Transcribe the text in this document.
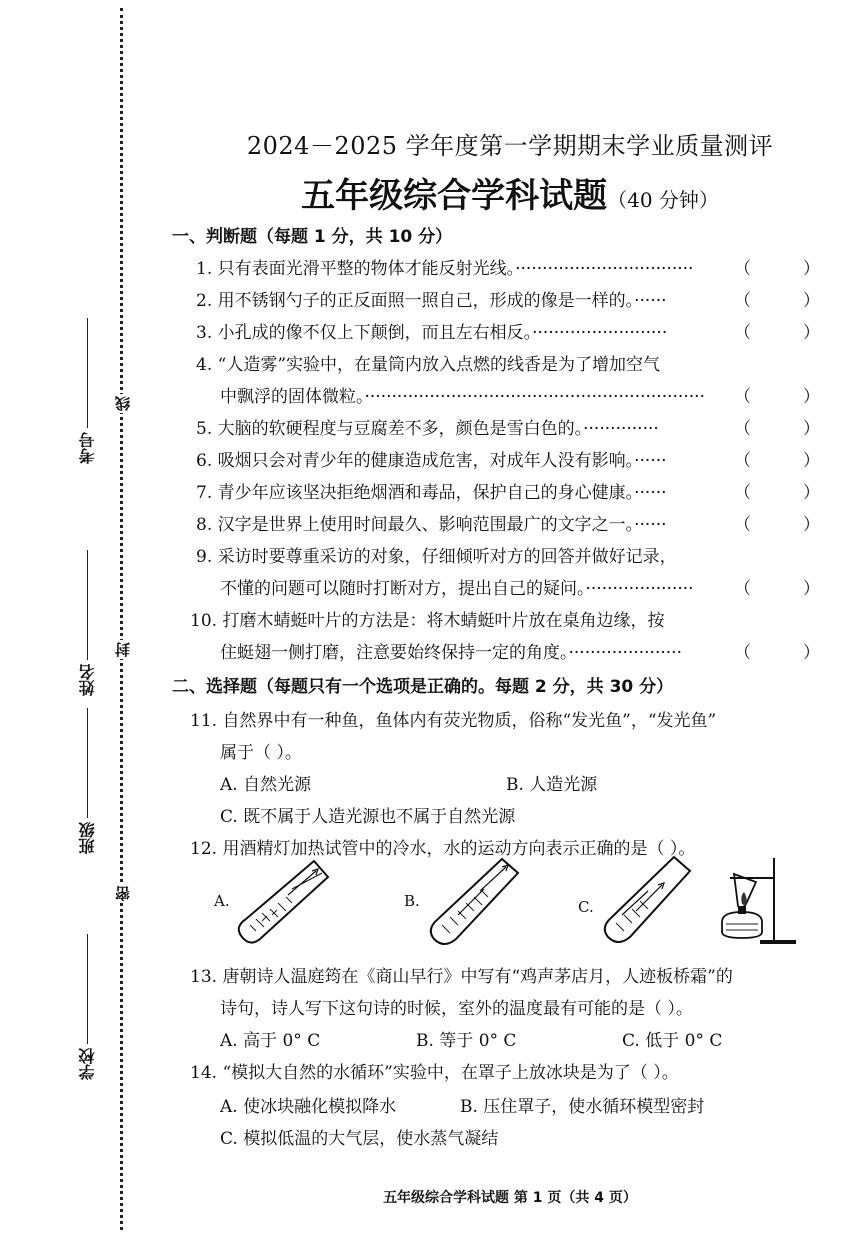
考号
姓名
班级
学校
线
封
密
2024－2025 学年度第一学期期末学业质量测评
五年级综合学科试题（40 分钟）
一、判断题（每题 1 分，共 10 分）
1. 只有表面光滑平整的物体才能反射光线。································· （	）
2. 用不锈钢勺子的正反面照一照自己，形成的像是一样的。······	（	）
3. 小孔成的像不仅上下颠倒，而且左右相反。·························	（	）
4. “人造雾”实验中，在量筒内放入点燃的线香是为了增加空气
中飘浮的固体微粒。······························································· （	）
5. 大脑的软硬程度与豆腐差不多，颜色是雪白色的。··············	（	）
6. 吸烟只会对青少年的健康造成危害，对成年人没有影响。······	（	）
7. 青少年应该坚决拒绝烟酒和毒品，保护自己的身心健康。······	（	）
8. 汉字是世界上使用时间最久、影响范围最广的文字之一。······	（	）
9. 采访时要尊重采访的对象，仔细倾听对方的回答并做好记录，
不懂的问题可以随时打断对方，提出自己的疑问。···················· （	）
10. 打磨木蜻蜓叶片的方法是：将木蜻蜓叶片放在桌角边缘，按
住蜓翅一侧打磨，注意要始终保持一定的角度。·····················	（	）
二、选择题（每题只有一个选项是正确的。每题 2 分，共 30 分）
11. 自然界中有一种鱼，鱼体内有荧光物质，俗称“发光鱼”，“发光鱼”
属于（ ）。
A. 自然光源	B. 人造光源
C. 既不属于人造光源也不属于自然光源
12. 用酒精灯加热试管中的冷水，水的运动方向表示正确的是（ ）。
A.	B.	C.
13. 唐朝诗人温庭筠在《商山早行》中写有“鸡声茅店月，人迹板桥霜”的
诗句，诗人写下这句诗的时候，室外的温度最有可能的是（ ）。
A. 高于 0° C	B. 等于 0° C	C. 低于 0° C
14. “模拟大自然的水循环”实验中，在罩子上放冰块是为了（ ）。
A. 使冰块融化模拟降水	B. 压住罩子，使水循环模型密封
C. 模拟低温的大气层，使水蒸气凝结
五年级综合学科试题 第 1 页（共 4 页）
